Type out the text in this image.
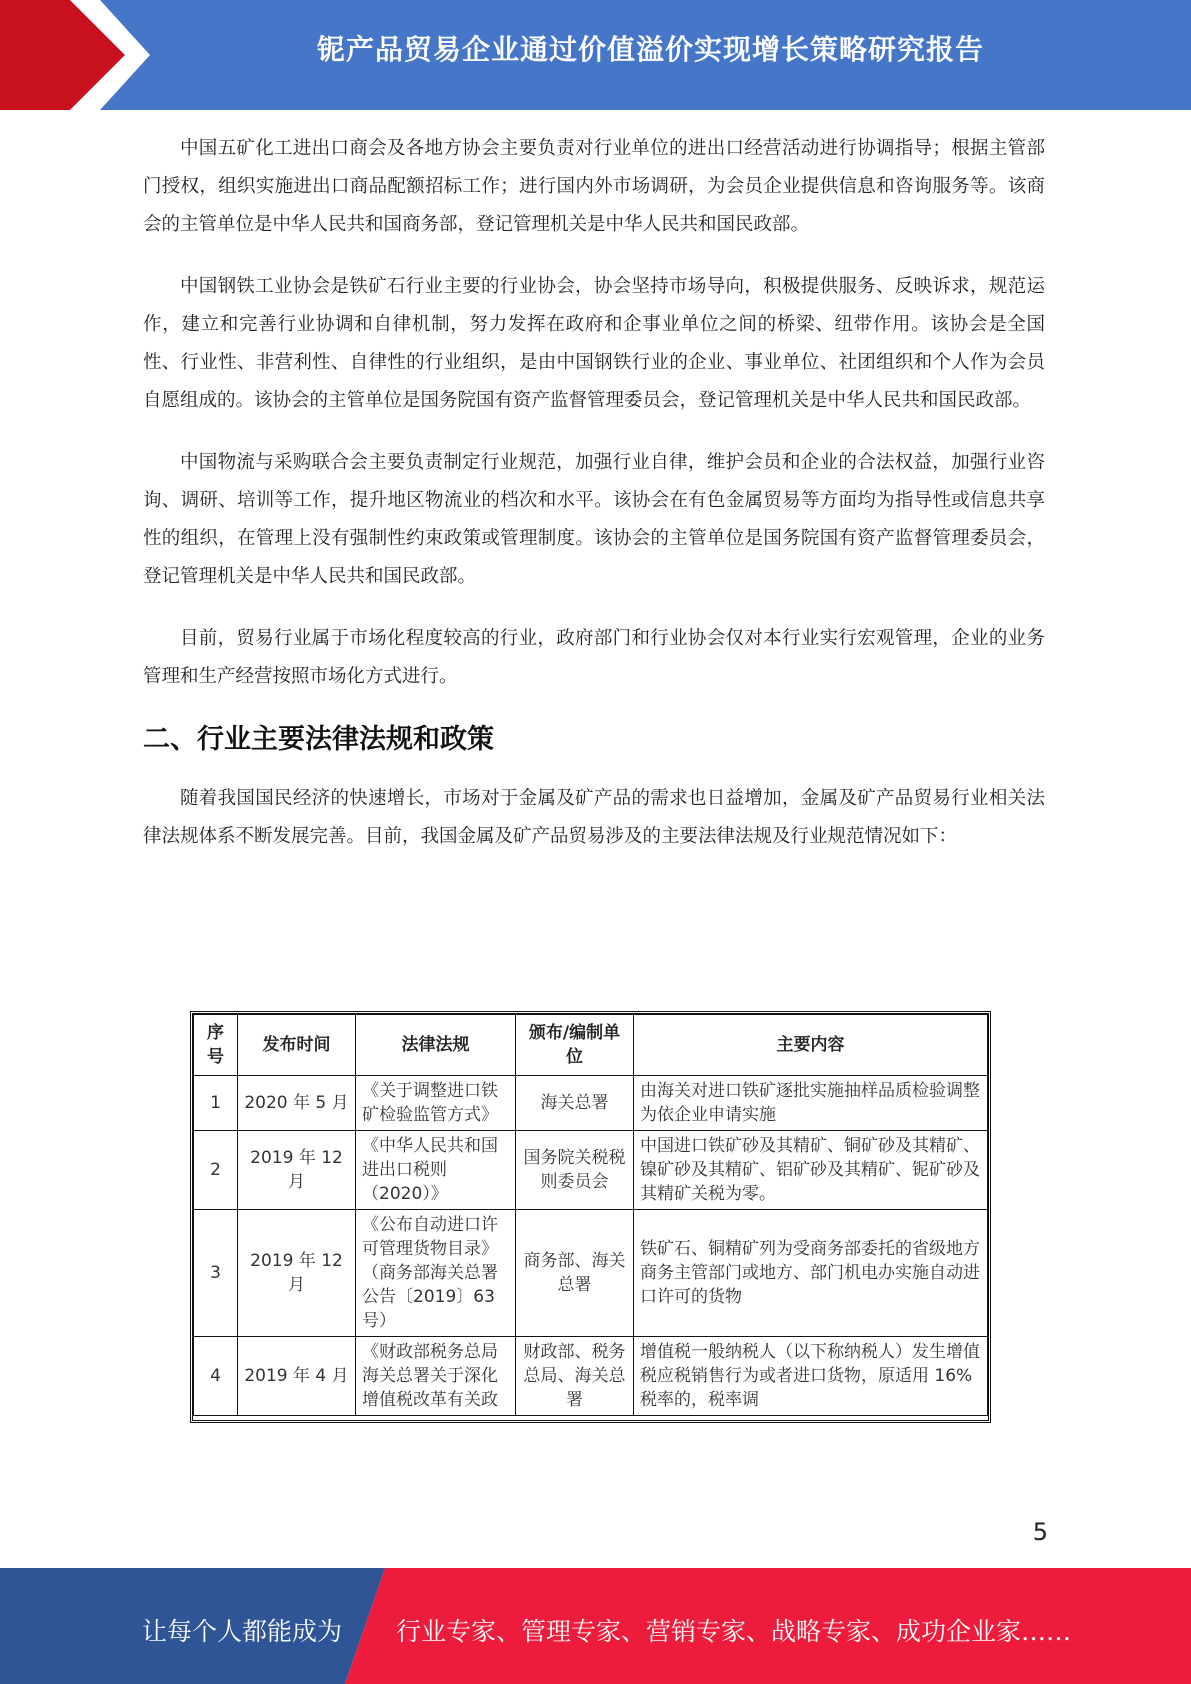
铌产品贸易企业通过价值溢价实现增长策略研究报告

中国五矿化工进出口商会及各地方协会主要负责对行业单位的进出口经营活动进行协调指导；根据主管部门授权，组织实施进出口商品配额招标工作；进行国内外市场调研，为会员企业提供信息和咨询服务等。该商会的主管单位是中华人民共和国商务部，登记管理机关是中华人民共和国民政部。

中国钢铁工业协会是铁矿石行业主要的行业协会，协会坚持市场导向，积极提供服务、反映诉求，规范运作，建立和完善行业协调和自律机制，努力发挥在政府和企事业单位之间的桥梁、纽带作用。该协会是全国性、行业性、非营利性、自律性的行业组织，是由中国钢铁行业的企业、事业单位、社团组织和个人作为会员自愿组成的。该协会的主管单位是国务院国有资产监督管理委员会，登记管理机关是中华人民共和国民政部。

中国物流与采购联合会主要负责制定行业规范，加强行业自律，维护会员和企业的合法权益，加强行业咨询、调研、培训等工作，提升地区物流业的档次和水平。该协会在有色金属贸易等方面均为指导性或信息共享性的组织，在管理上没有强制性约束政策或管理制度。该协会的主管单位是国务院国有资产监督管理委员会，登记管理机关是中华人民共和国民政部。

目前，贸易行业属于市场化程度较高的行业，政府部门和行业协会仅对本行业实行宏观管理，企业的业务管理和生产经营按照市场化方式进行。

二、行业主要法律法规和政策

随着我国国民经济的快速增长，市场对于金属及矿产品的需求也日益增加，金属及矿产品贸易行业相关法律法规体系不断发展完善。目前，我国金属及矿产品贸易涉及的主要法律法规及行业规范情况如下：

序号	发布时间	法律法规	颁布/编制单位	主要内容
1	2020 年 5 月	《关于调整进口铁矿检验监管方式》	海关总署	由海关对进口铁矿逐批实施抽样品质检验调整为依企业申请实施
2	2019 年 12 月	《中华人民共和国进出口税则（2020）》	国务院关税税则委员会	中国进口铁矿砂及其精矿、铜矿砂及其精矿、镍矿砂及其精矿、铝矿砂及其精矿、铌矿砂及其精矿关税为零。
3	2019 年 12 月	《公布自动进口许可管理货物目录》（商务部海关总署公告〔2019〕63号）	商务部、海关总署	铁矿石、铜精矿列为受商务部委托的省级地方商务主管部门或地方、部门机电办实施自动进口许可的货物
4	2019 年 4 月	《财政部税务总局海关总署关于深化增值税改革有关政	财政部、税务总局、海关总署	增值税一般纳税人（以下称纳税人）发生增值税应税销售行为或者进口货物，原适用 16%税率的，税率调
5
让每个人都能成为 行业专家、管理专家、营销专家、战略专家、成功企业家……
